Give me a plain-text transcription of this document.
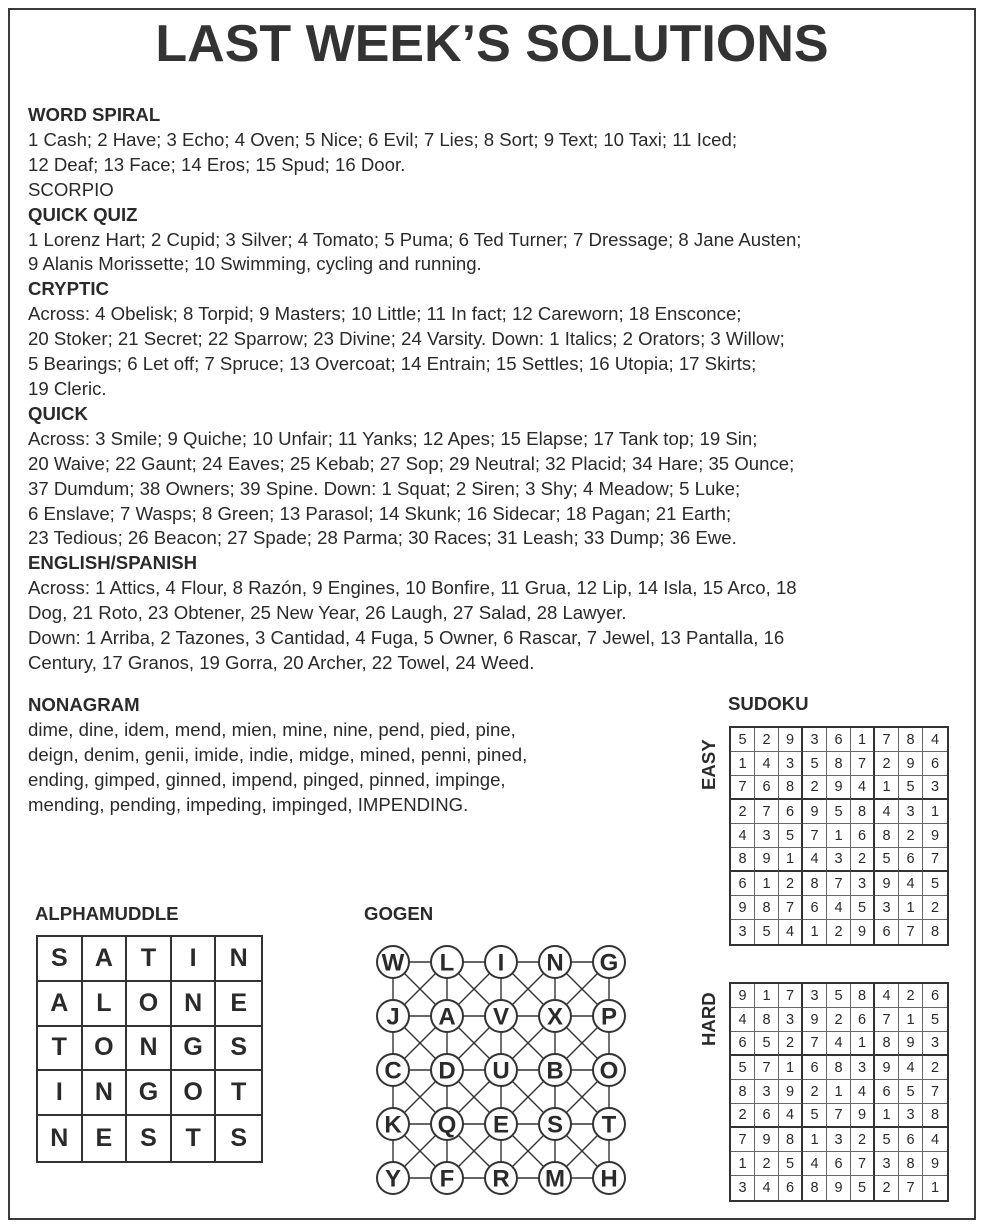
LAST WEEK’S SOLUTIONS
WORD SPIRAL
1 Cash; 2 Have; 3 Echo; 4 Oven; 5 Nice; 6 Evil; 7 Lies; 8 Sort; 9 Text; 10 Taxi; 11 Iced;
12 Deaf; 13 Face; 14 Eros; 15 Spud; 16 Door.
SCORPIO
QUICK QUIZ
1 Lorenz Hart; 2 Cupid; 3 Silver; 4 Tomato; 5 Puma; 6 Ted Turner; 7 Dressage; 8 Jane Austen;
9 Alanis Morissette; 10 Swimming, cycling and running.
CRYPTIC
Across: 4 Obelisk; 8 Torpid; 9 Masters; 10 Little; 11 In fact; 12 Careworn; 18 Ensconce;
20 Stoker; 21 Secret; 22 Sparrow; 23 Divine; 24 Varsity. Down: 1 Italics; 2 Orators; 3 Willow;
5 Bearings; 6 Let off; 7 Spruce; 13 Overcoat; 14 Entrain; 15 Settles; 16 Utopia; 17 Skirts;
19 Cleric.
QUICK
Across: 3 Smile; 9 Quiche; 10 Unfair; 11 Yanks; 12 Apes; 15 Elapse; 17 Tank top; 19 Sin;
20 Waive; 22 Gaunt; 24 Eaves; 25 Kebab; 27 Sop; 29 Neutral; 32 Placid; 34 Hare; 35 Ounce;
37 Dumdum; 38 Owners; 39 Spine. Down: 1 Squat; 2 Siren; 3 Shy; 4 Meadow; 5 Luke;
6 Enslave; 7 Wasps; 8 Green; 13 Parasol; 14 Skunk; 16 Sidecar; 18 Pagan; 21 Earth;
23 Tedious; 26 Beacon; 27 Spade; 28 Parma; 30 Races; 31 Leash; 33 Dump; 36 Ewe.
ENGLISH/SPANISH
Across: 1 Attics, 4 Flour, 8 Razón, 9 Engines, 10 Bonfire, 11 Grua, 12 Lip, 14 Isla, 15 Arco, 18
Dog, 21 Roto, 23 Obtener, 25 New Year, 26 Laugh, 27 Salad, 28 Lawyer.
Down: 1 Arriba, 2 Tazones, 3 Cantidad, 4 Fuga, 5 Owner, 6 Rascar, 7 Jewel, 13 Pantalla, 16
Century, 17 Granos, 19 Gorra, 20 Archer, 22 Towel, 24 Weed.
NONAGRAM
dime, dine, idem, mend, mien, mine, nine, pend, pied, pine,
deign, denim, genii, imide, indie, midge, mined, penni, pined,
ending, gimped, ginned, impend, pinged, pinned, impinge,
mending, pending, impeding, impinged, IMPENDING.
SUDOKU
EASY	5	2	9	3	6	1	7	8	4
1	4	3	5	8	7	2	9	6
7	6	8	2	9	4	1	5	3
2	7	6	9	5	8	4	3	1
4	3	5	7	1	6	8	2	9
8	9	1	4	3	2	5	6	7
6	1	2	8	7	3	9	4	5
9	8	7	6	4	5	3	1	2
3	5	4	1	2	9	6	7	8
HARD	9	1	7	3	5	8	4	2	6
4	8	3	9	2	6	7	1	5
6	5	2	7	4	1	8	9	3
5	7	1	6	8	3	9	4	2
8	3	9	2	1	4	6	5	7
2	6	4	5	7	9	1	3	8
7	9	8	1	3	2	5	6	4
1	2	5	4	6	7	3	8	9
3	4	6	8	9	5	2	7	1
ALPHAMUDDLE
S	A	T	I	N
A	L	O	N	E
T	O	N	G	S
I	N	G	O	T
N	E	S	T	S
GOGEN
W L I N G
J A V X P
C D U B O
K Q E S T
Y F R M H
